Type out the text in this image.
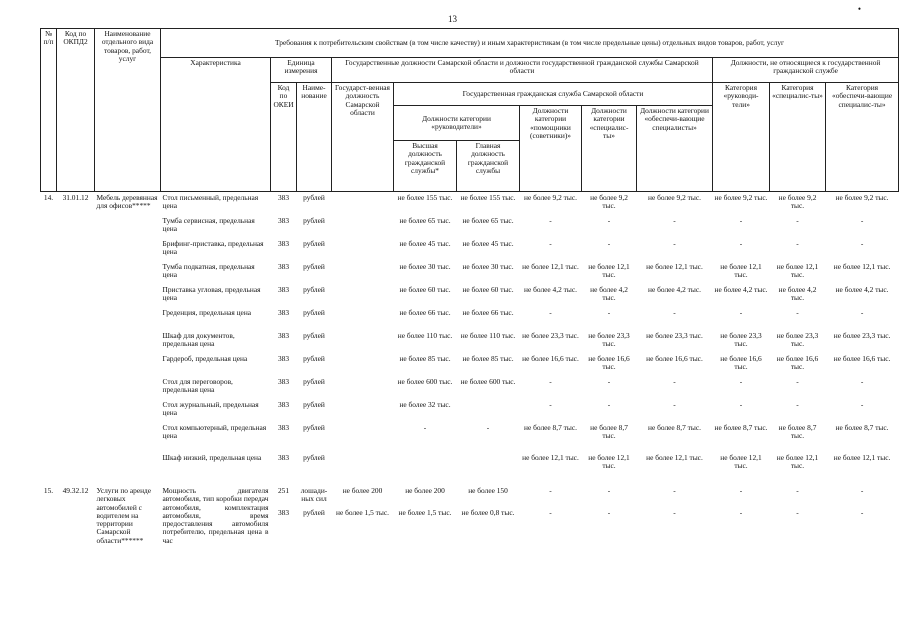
13
•
№ п/п	Код по ОКПД2	Наименование отдельного вида товаров, работ, услуг	Требования к потребительским свойствам (в том числе качеству) и иным характеристикам (в том числе предельные цены) отдельных видов товаров, работ, услуг											
			Характеристика	Единица измерения		Государственные должности Самарской области и должности государственной гражданской службы Самарской области						Должности, не относящиеся к государственной гражданской службе		
				Код по ОКЕИ	Наиме-нование	Государст-венная должность Самарской области	Государственная гражданская служба Самарской области					Категория «руководи-тели»	Категория «специалис-ты»	Категория «обеспечи-вающие специалис-ты»
							Должности категории «руководители»		Должности категории «помощники (советники)»	Должности категории «специалис-ты»	Должности категории «обеспечи-вающие специалисты»			
							Высшая должность гражданской службы*	Главная должность гражданской службы						
14.	31.01.12	Мебель деревянная для офисов*****	Стол письменный, предельная цена	383	рублей		не более 155 тыс.	не более 155 тыс.	не более 9,2 тыс.	не более 9,2 тыс.	не более 9,2 тыс.	не более 9,2 тыс.	не более 9,2 тыс.	не более 9,2 тыс.
			Тумба сервисная, предельная цена	383	рублей		не более 65 тыс.	не более 65 тыс.	-	-	-	-	-	-
			Брифинг-приставка, предельная цена	383	рублей		не более 45 тыс.	не более 45 тыс.	-	-	-	-	-	-
			Тумба подкатная, предельная цена	383	рублей		не более 30 тыс.	не более 30 тыс.	не более 12,1 тыс.	не более 12,1 тыс.	не более 12,1 тыс.	не более 12,1 тыс.	не более 12,1 тыс.	не более 12,1 тыс.
			Приставка угловая, предельная цена	383	рублей		не более 60 тыс.	не более 60 тыс.	не более 4,2 тыс.	не более 4,2 тыс.	не более 4,2 тыс.	не более 4,2 тыс.	не более 4,2 тыс.	не более 4,2 тыс.
			Греденция, предельная цена	383	рублей		не более 66 тыс.	не более 66 тыс.	-	-	-	-	-	-
			Шкаф для документов, предельная цена	383	рублей		не более 110 тыс.	не более 110 тыс.	не более 23,3 тыс.	не более 23,3 тыс.	не более 23,3 тыс.	не более 23,3 тыс.	не более 23,3 тыс.	не более 23,3 тыс.
			Гардероб, предельная цена	383	рублей		не более 85 тыс.	не более 85 тыс.	не более 16,6 тыс.	не более 16,6 тыс.	не более 16,6 тыс.	не более 16,6 тыс.	не более 16,6 тыс.	не более 16,6 тыс.
			Стол для переговоров, предельная цена	383	рублей		не более 600 тыс.	не более 600 тыс.	-	-	-	-	-	-
			Стол журнальный, предельная цена	383	рублей		не более 32 тыс.		-	-	-	-	-	-
			Стол компьютерный, предельная цена	383	рублей		-	-	не более 8,7 тыс.	не более 8,7 тыс.	не более 8,7 тыс.	не более 8,7 тыс.	не более 8,7 тыс.	не более 8,7 тыс.
			Шкаф низкий, предельная цена	383	рублей				не более 12,1 тыс.	не более 12,1 тыс.	не более 12,1 тыс.	не более 12,1 тыс.	не более 12,1 тыс.	не более 12,1 тыс.
15.	49.32.12	Услуги по аренде легковых автомобилей с водителем на территории Самарской области******	Мощность двигателя автомобиля, тип коробки передач автомобиля, комплектация автомобиля, время предоставления автомобиля потребителю, предельная цена в час	251	лошади-ных сил	не более 200	не более 200	не более 150	-	-	-	-	-	-
				383	рублей	не более 1,5 тыс.	не более 1,5 тыс.	не более 0,8 тыс.	-	-	-	-	-	-
